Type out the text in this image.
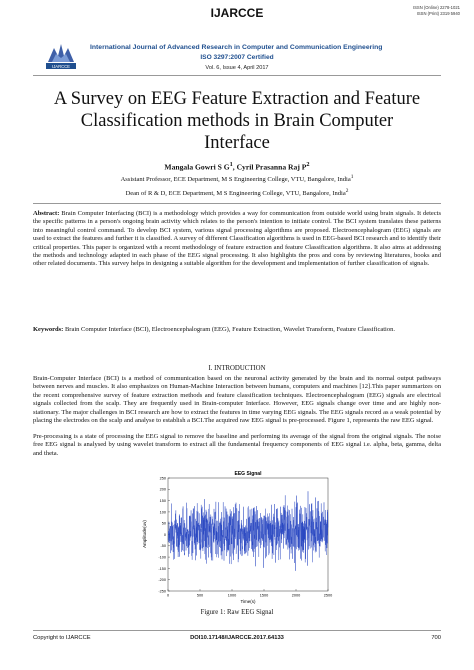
IJARCCE	ISSN (Online) 2278-1021
ISSN (Print) 2319 5940
IJARCCE
International Journal of Advanced Research in Computer and Communication Engineering
ISO 3297:2007 Certified
Vol. 6, Issue 4, April 2017
A Survey on EEG Feature Extraction and Feature
Classification methods in Brain Computer
Interface
Mangala Gowri S $G^1$, Cyril Prasanna Raj $P^2$
Assistant Professor, ECE Department, M S Engineering College, VTU, Bangalore, India$^1$
Dean of R & D, ECE Department, M S Engineering College, VTU, Bangalore, India$^2$
Abstract: Brain Computer Interfacing (BCI) is a methodology which provides a way for communication from outside world using brain signals. It detects the specific patterns in a person's ongoing brain activity which relates to the person's intention to initiate control. The BCI system translates these patterns into meaningful control command. To develop BCI system, various signal processing algorithms are proposed. Electroencephalogram (EEG) signals are used to extract the features and further it is classified. A survey of different Classification algorithms is used in EEG-based BCI research and to identify their critical properties. This paper is organized with a recent methodology of feature extraction and feature Classification algorithms. It also aims at addressing the methods and technology adapted in each phase of the EEG signal processing. It also highlights the pros and cons by reviewing literatures, books and other related documents. This survey helps in designing a suitable algorithm for the development and implementation of further classification of signals.
Keywords: Brain Computer Interface (BCI), Electroencephalogram (EEG), Feature Extraction, Wavelet Transform, Feature Classification.
I. INTRODUCTION
Brain-Computer Interface (BCI) is a method of communication based on the neuronal activity generated by the brain and its normal output pathways between nerves and muscles. It also emphasizes on Human-Machine Interaction between humans, computers and machines [12].This paper summarizes on the recent comprehensive survey of feature extraction methods and feature classification techniques. Electroencephalogram (EEG) signals are electrical signals collected from the scalp. They are frequently used in Brain-computer Interface. However, EEG signals change over time and are highly non-stationary. The major challenges in BCI research are how to extract the features in time varying EEG signals. The EEG signals record as a weak potential by placing the electrodes on the scalp and analyse to establish a BCI.The acquired raw EEG signal is pre-processed. Figure 1, represents the raw EEG signal.
Pre-processing is a state of processing the EEG signal to remove the baseline and performing its average of the signal from the original signals. The noise free EEG signal is analysed by using wavelet transform to extract all the fundamental frequency components of EEG signal i.e. alpha, beta, gamma, delta and theta.
EEG Signal
250
200
150
100
50
0
-50
-100
-150
-200
-250
0	500	1000	1500	2000	2500
Time(s)
Amplitude(uv)
Figure 1: Raw EEG Signal
Copyright to IJARCCE	DOI10.17148/IJARCCE.2017.64133	700
